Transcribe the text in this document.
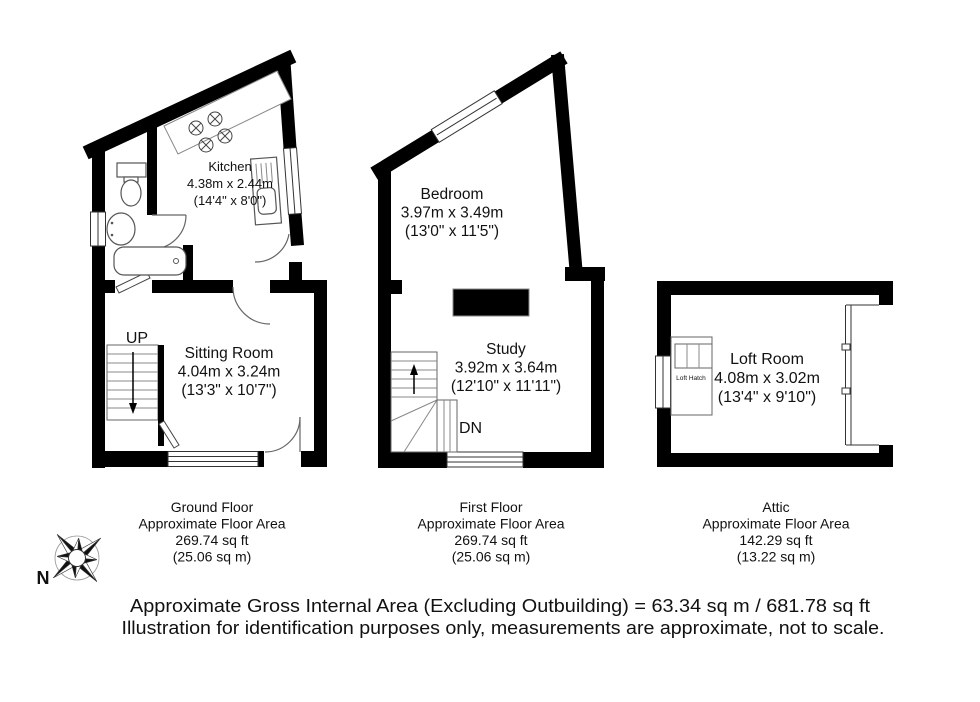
UP
Kitchen
4.38m x 2.44m
(14'4" x 8'0")
Sitting Room
4.04m x 3.24m
(13'3" x 10'7")
DN
Bedroom
3.97m x 3.49m
(13'0" x 11'5")
Study
3.92m x 3.64m
(12'10" x 11'11")	Loft Hatch
Loft Room
4.08m x 3.02m
(13'4" x 9'10")
Ground Floor
Approximate Floor Area
269.74 sq ft
(25.06 sq m)
First Floor
Approximate Floor Area
269.74 sq ft
(25.06 sq m)
Attic
Approximate Floor Area
142.29 sq ft
(13.22 sq m)
N
Approximate Gross Internal Area (Excluding Outbuilding) = 63.34 sq m / 681.78 sq ft
Illustration for identification purposes only, measurements are approximate, not to scale.
